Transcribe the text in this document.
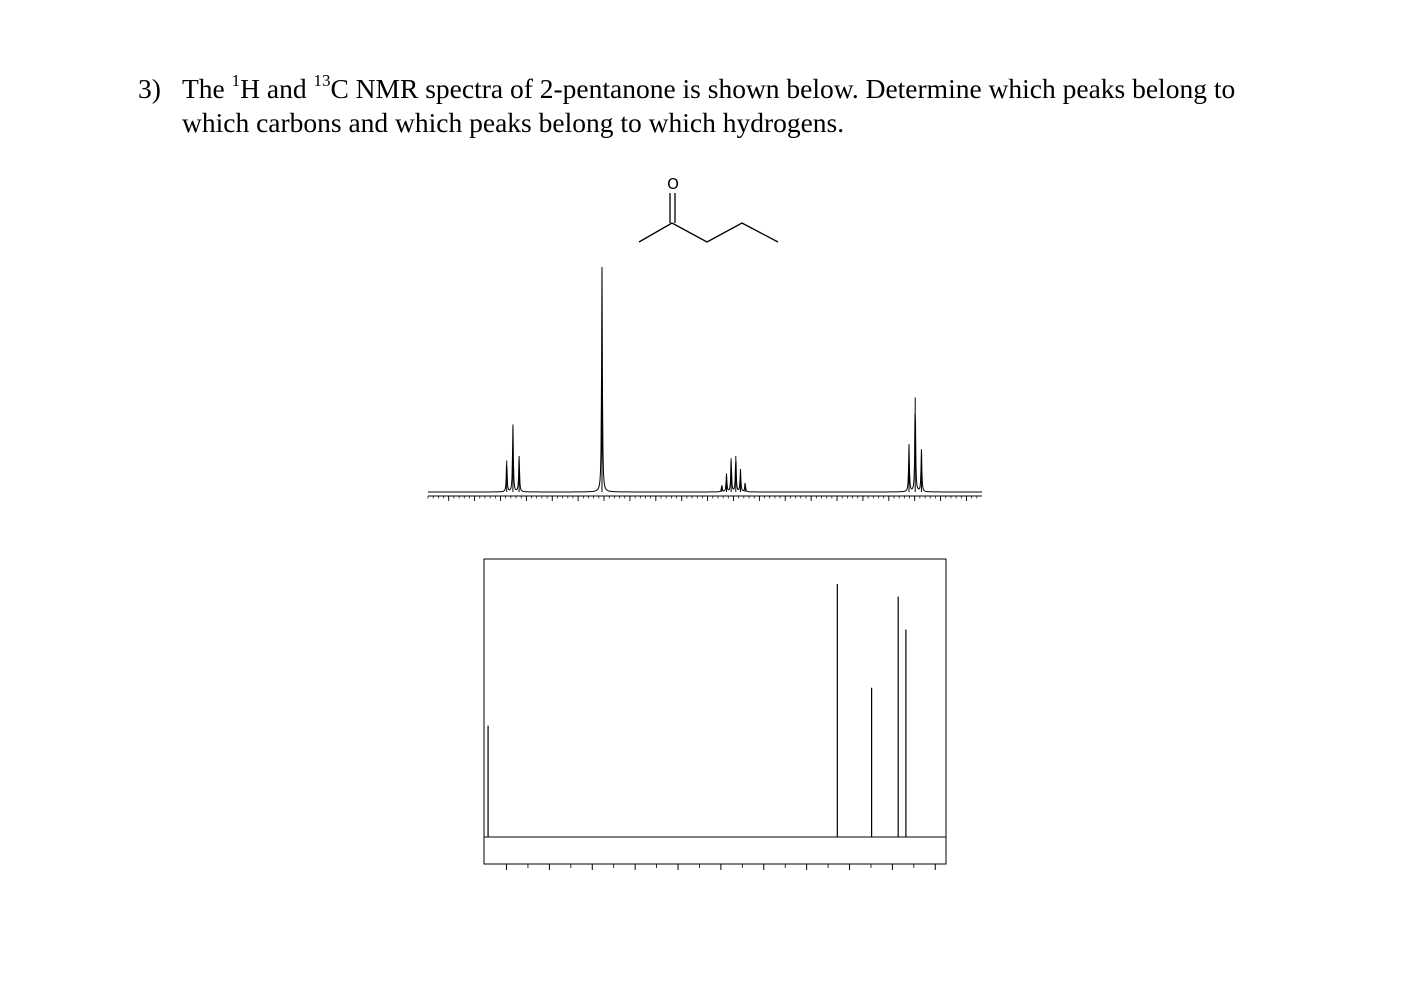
3) The $^1$H and $^{13}$C NMR spectra of 2-pentanone is shown below. Determine which peaks belong to
which carbons and which peaks belong to which hydrogens.
O
